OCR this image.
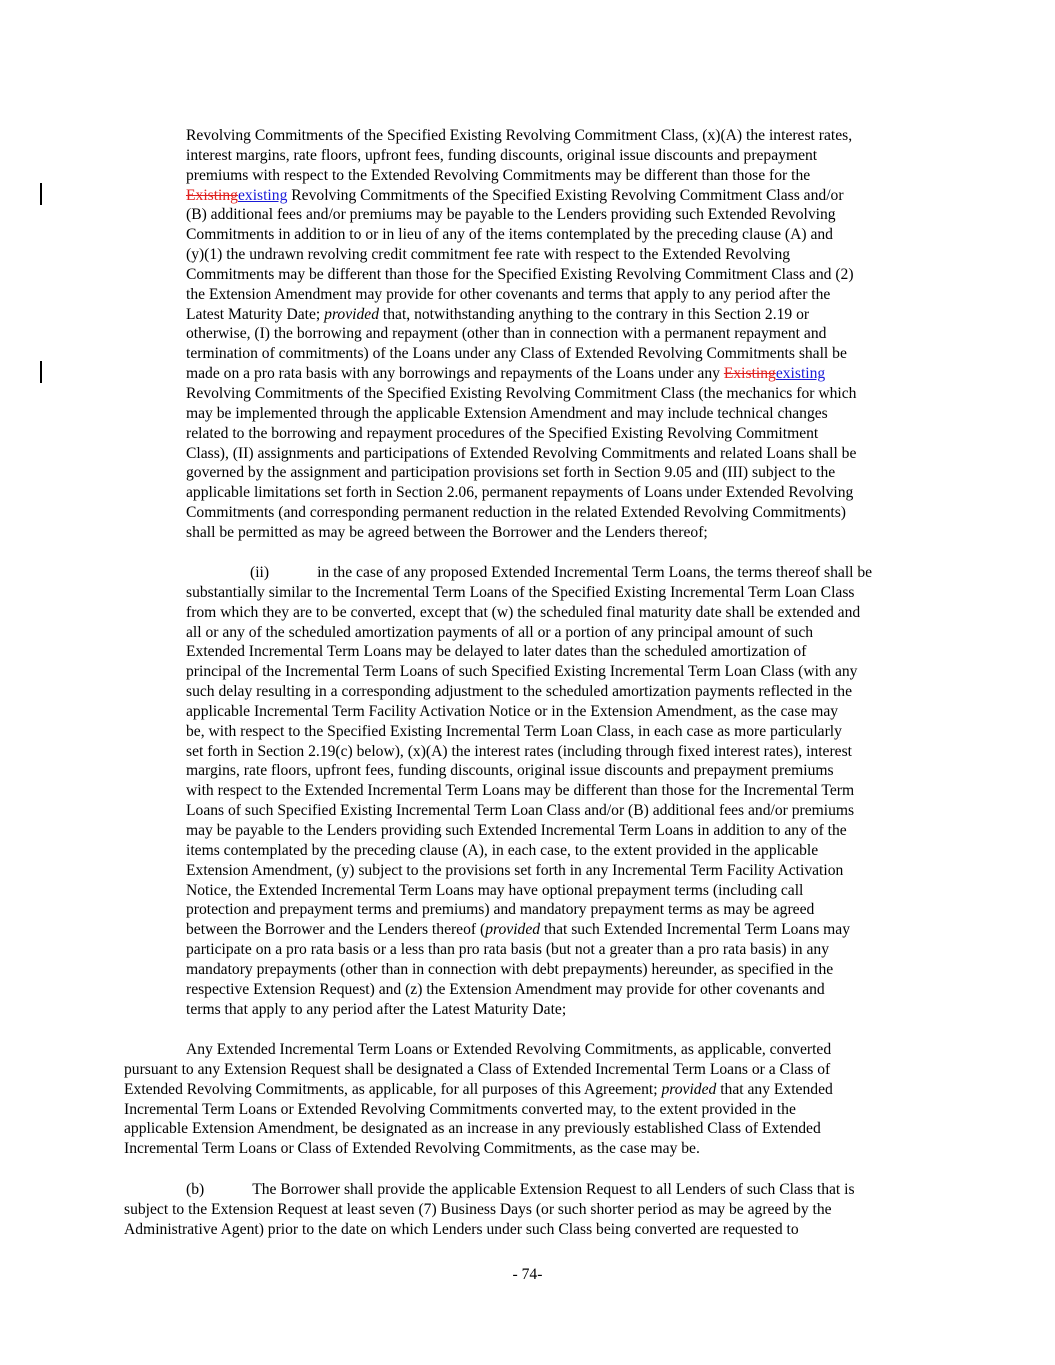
Revolving Commitments of the Specified Existing Revolving Commitment Class, (x)(A) the interest rates,
interest margins, rate floors, upfront fees, funding discounts, original issue discounts and prepayment
premiums with respect to the Extended Revolving Commitments may be different than those for the
Existingexisting Revolving Commitments of the Specified Existing Revolving Commitment Class and/or
(B) additional fees and/or premiums may be payable to the Lenders providing such Extended Revolving
Commitments in addition to or in lieu of any of the items contemplated by the preceding clause (A) and
(y)(1) the undrawn revolving credit commitment fee rate with respect to the Extended Revolving
Commitments may be different than those for the Specified Existing Revolving Commitment Class and (2)
the Extension Amendment may provide for other covenants and terms that apply to any period after the
Latest Maturity Date; provided that, notwithstanding anything to the contrary in this Section 2.19 or
otherwise, (I) the borrowing and repayment (other than in connection with a permanent repayment and
termination of commitments) of the Loans under any Class of Extended Revolving Commitments shall be
made on a pro rata basis with any borrowings and repayments of the Loans under any Existingexisting
Revolving Commitments of the Specified Existing Revolving Commitment Class (the mechanics for which
may be implemented through the applicable Extension Amendment and may include technical changes
related to the borrowing and repayment procedures of the Specified Existing Revolving Commitment
Class), (II) assignments and participations of Extended Revolving Commitments and related Loans shall be
governed by the assignment and participation provisions set forth in Section 9.05 and (III) subject to the
applicable limitations set forth in Section 2.06, permanent repayments of Loans under Extended Revolving
Commitments (and corresponding permanent reduction in the related Extended Revolving Commitments)
shall be permitted as may be agreed between the Borrower and the Lenders thereof;
(ii)	in the case of any proposed Extended Incremental Term Loans, the terms thereof shall be
substantially similar to the Incremental Term Loans of the Specified Existing Incremental Term Loan Class
from which they are to be converted, except that (w) the scheduled final maturity date shall be extended and
all or any of the scheduled amortization payments of all or a portion of any principal amount of such
Extended Incremental Term Loans may be delayed to later dates than the scheduled amortization of
principal of the Incremental Term Loans of such Specified Existing Incremental Term Loan Class (with any
such delay resulting in a corresponding adjustment to the scheduled amortization payments reflected in the
applicable Incremental Term Facility Activation Notice or in the Extension Amendment, as the case may
be, with respect to the Specified Existing Incremental Term Loan Class, in each case as more particularly
set forth in Section 2.19(c) below), (x)(A) the interest rates (including through fixed interest rates), interest
margins, rate floors, upfront fees, funding discounts, original issue discounts and prepayment premiums
with respect to the Extended Incremental Term Loans may be different than those for the Incremental Term
Loans of such Specified Existing Incremental Term Loan Class and/or (B) additional fees and/or premiums
may be payable to the Lenders providing such Extended Incremental Term Loans in addition to any of the
items contemplated by the preceding clause (A), in each case, to the extent provided in the applicable
Extension Amendment, (y) subject to the provisions set forth in any Incremental Term Facility Activation
Notice, the Extended Incremental Term Loans may have optional prepayment terms (including call
protection and prepayment terms and premiums) and mandatory prepayment terms as may be agreed
between the Borrower and the Lenders thereof (provided that such Extended Incremental Term Loans may
participate on a pro rata basis or a less than pro rata basis (but not a greater than a pro rata basis) in any
mandatory prepayments (other than in connection with debt prepayments) hereunder, as specified in the
respective Extension Request) and (z) the Extension Amendment may provide for other covenants and
terms that apply to any period after the Latest Maturity Date;
Any Extended Incremental Term Loans or Extended Revolving Commitments, as applicable, converted
pursuant to any Extension Request shall be designated a Class of Extended Incremental Term Loans or a Class of
Extended Revolving Commitments, as applicable, for all purposes of this Agreement; provided that any Extended
Incremental Term Loans or Extended Revolving Commitments converted may, to the extent provided in the
applicable Extension Amendment, be designated as an increase in any previously established Class of Extended
Incremental Term Loans or Class of Extended Revolving Commitments, as the case may be.
(b)	The Borrower shall provide the applicable Extension Request to all Lenders of such Class that is
subject to the Extension Request at least seven (7) Business Days (or such shorter period as may be agreed by the
Administrative Agent) prior to the date on which Lenders under such Class being converted are requested to
- 74-
